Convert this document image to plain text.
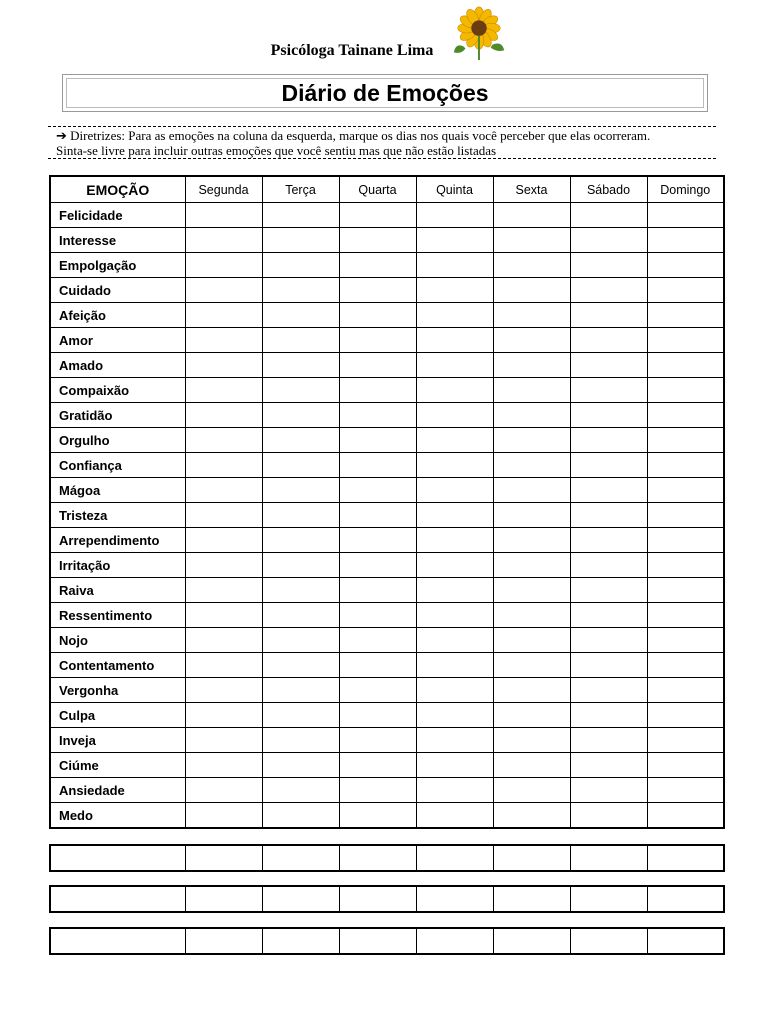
Psicóloga Tainane Lima
Diário de Emoções
➔ Diretrizes: Para as emoções na coluna da esquerda, marque os dias nos quais você perceber que elas ocorreram.
Sinta-se livre para incluir outras emoções que você sentiu mas que não estão listadas
EMOÇÃO	Segunda	Terça	Quarta	Quinta	Sexta	Sábado	Domingo
Felicidade							
Interesse							
Empolgação							
Cuidado							
Afeição							
Amor							
Amado							
Compaixão							
Gratidão							
Orgulho							
Confiança							
Mágoa							
Tristeza							
Arrependimento							
Irritação							
Raiva							
Ressentimento							
Nojo							
Contentamento							
Vergonha							
Culpa							
Inveja							
Ciúme							
Ansiedade							
Medo							
